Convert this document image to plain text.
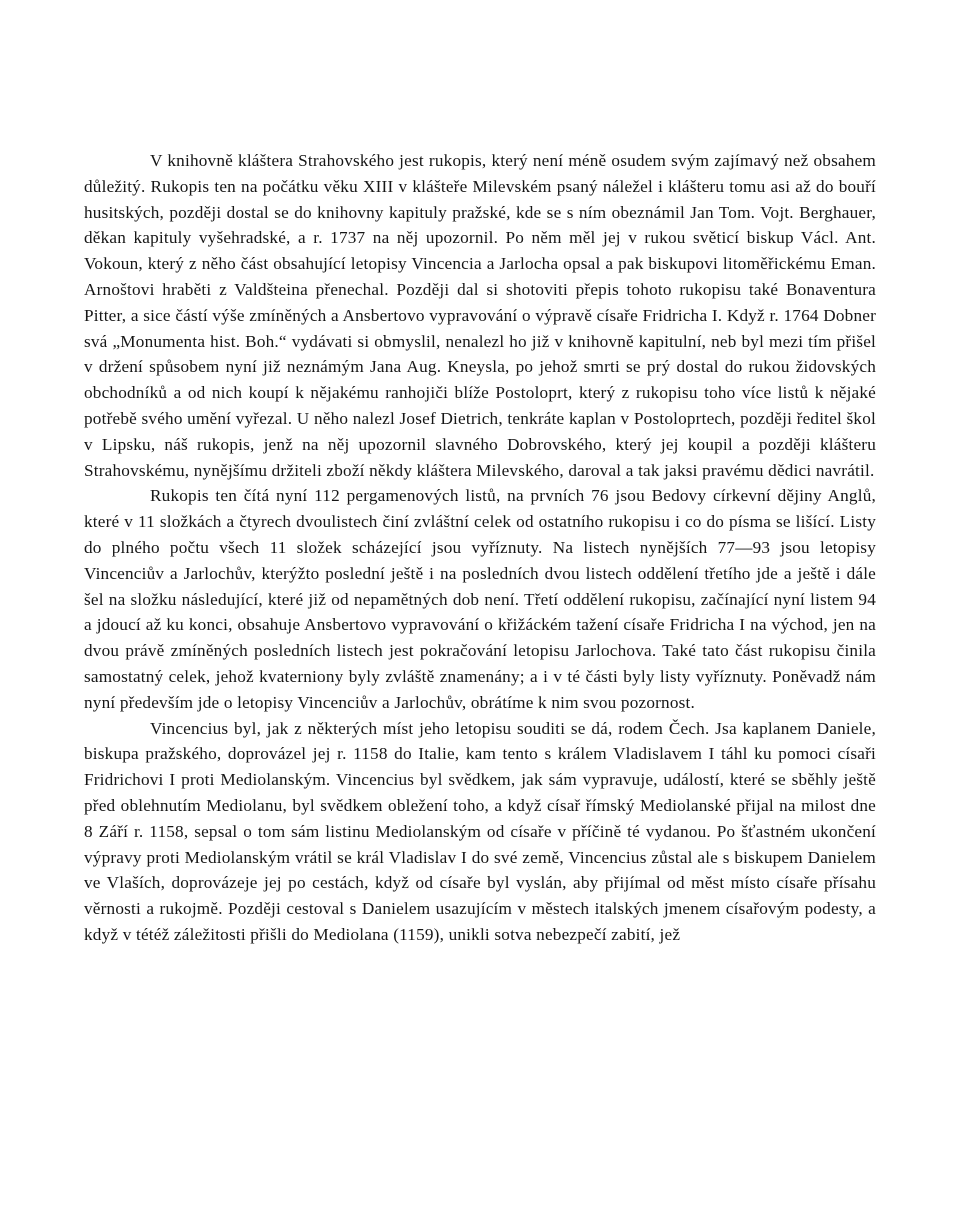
V knihovně kláštera Strahovského jest rukopis, který není méně osudem svým zajímavý než obsahem důležitý. Rukopis ten na počátku věku XIII v klášteře Milevském psaný náležel i klášteru tomu asi až do bouří husitských, později dostal se do knihovny kapituly pražské, kde se s ním obeznámil Jan Tom. Vojt. Berghauer, děkan kapituly vyšehradské, a r. 1737 na něj upozornil. Po něm měl jej v rukou světicí biskup Václ. Ant. Vokoun, který z něho část obsahující letopisy Vincencia a Jarlocha opsal a pak biskupovi litoměřickému Eman. Arnoštovi hraběti z Valdšteina přenechal. Později dal si shotoviti přepis tohoto rukopisu také Bonaventura Pitter, a sice částí výše zmíněných a Ansbertovo vypravování o výpravě císaře Fridricha I. Když r. 1764 Dobner svá „Monumenta hist. Boh.“ vydávati si obmyslil, nenalezl ho již v knihovně kapitulní, neb byl mezi tím přišel v držení spůsobem nyní již neznámým Jana Aug. Kneysla, po jehož smrti se prý dostal do rukou židovských obchodníků a od nich koupí k nějakému ranhojiči blíže Postoloprt, který z rukopisu toho více listů k nějaké potřebě svého umění vyřezal. U něho nalezl Josef Dietrich, tenkráte kaplan v Postoloprtech, později ředitel škol v Lipsku, náš rukopis, jenž na něj upozornil slavného Dobrovského, který jej koupil a později klášteru Strahovskému, nynějšímu držiteli zboží někdy kláštera Milevského, daroval a tak jaksi pravému dědici navrátil.

Rukopis ten čítá nyní 112 pergamenových listů, na prvních 76 jsou Bedovy církevní dějiny Anglů, které v 11 složkách a čtyrech dvoulistech činí zvláštní celek od ostatního rukopisu i co do písma se lišící. Listy do plného počtu všech 11 složek scházející jsou vyříznuty. Na listech nynějších 77—93 jsou letopisy Vincenciův a Jarlochův, kterýžto poslední ještě i na posledních dvou listech oddělení třetího jde a ještě i dále šel na složku následující, které již od nepamětných dob není. Třetí oddělení rukopisu, začínající nyní listem 94 a jdoucí až ku konci, obsahuje Ansbertovo vypravování o křižáckém tažení císaře Fridricha I na východ, jen na dvou právě zmíněných posledních listech jest pokračování letopisu Jarlochova. Také tato část rukopisu činila samostatný celek, jehož kvaterniony byly zvláště znamenány; a i v té části byly listy vyříznuty. Poněvadž nám nyní především jde o letopisy Vincenciův a Jarlochův, obrátíme k nim svou pozornost.

Vincencius byl, jak z některých míst jeho letopisu souditi se dá, rodem Čech. Jsa kaplanem Daniele, biskupa pražského, doprovázel jej r. 1158 do Italie, kam tento s králem Vladislavem I táhl ku pomoci císaři Fridrichovi I proti Mediolanským. Vincencius byl svědkem, jak sám vypravuje, událostí, které se sběhly ještě před oblehnutím Mediolanu, byl svědkem obležení toho, a když císař římský Mediolanské přijal na milost dne 8 Září r. 1158, sepsal o tom sám listinu Mediolanským od císaře v příčině té vydanou. Po šťastném ukončení výpravy proti Mediolanským vrátil se král Vladislav I do své země, Vincencius zůstal ale s biskupem Danielem ve Vlaších, doprovázeje jej po cestách, když od císaře byl vyslán, aby přijímal od měst místo císaře přísahu věrnosti a rukojmě. Později cestoval s Danielem usazujícím v městech italských jmenem císařovým podesty, a když v tétéž záležitosti přišli do Mediolana (1159), unikli sotva nebezpečí zabití, jež
